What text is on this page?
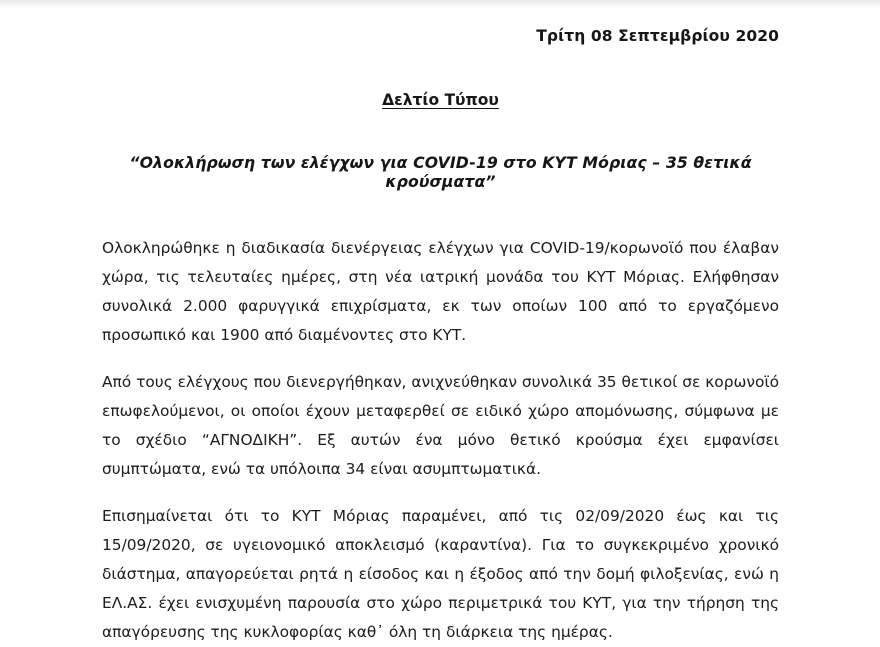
Τρίτη 08 Σεπτεμβρίου 2020

Δελτίο Τύπου

“Ολοκλήρωση των ελέγχων για COVID-19 στο ΚΥΤ Μόριας – 35 θετικά κρούσματα”

Ολοκληρώθηκε η διαδικασία διενέργειας ελέγχων για COVID-19/κορωνοϊό που έλαβαν χώρα, τις τελευταίες ημέρες, στη νέα ιατρική μονάδα του ΚΥΤ Μόριας. Ελήφθησαν συνολικά 2.000 φαρυγγικά επιχρίσματα, εκ των οποίων 100 από το εργαζόμενο προσωπικό και 1900 από διαμένοντες στο ΚΥΤ.

Από τους ελέγχους που διενεργήθηκαν, ανιχνεύθηκαν συνολικά 35 θετικοί σε κορωνοϊό επωφελούμενοι, οι οποίοι έχουν μεταφερθεί σε ειδικό χώρο απομόνωσης, σύμφωνα με το σχέδιο “ΑΓΝΟΔΙΚΗ”. Εξ αυτών ένα μόνο θετικό κρούσμα έχει εμφανίσει συμπτώματα, ενώ τα υπόλοιπα 34 είναι ασυμπτωματικά.

Επισημαίνεται ότι το ΚΥΤ Μόριας παραμένει, από τις 02/09/2020 έως και τις 15/09/2020, σε υγειονομικό αποκλεισμό (καραντίνα). Για το συγκεκριμένο χρονικό διάστημα, απαγορεύεται ρητά η είσοδος και η έξοδος από την δομή φιλοξενίας, ενώ η ΕΛ.ΑΣ. έχει ενισχυμένη παρουσία στο χώρο περιμετρικά του ΚΥΤ, για την τήρηση της απαγόρευσης της κυκλοφορίας καθ᾽ όλη τη διάρκεια της ημέρας.
